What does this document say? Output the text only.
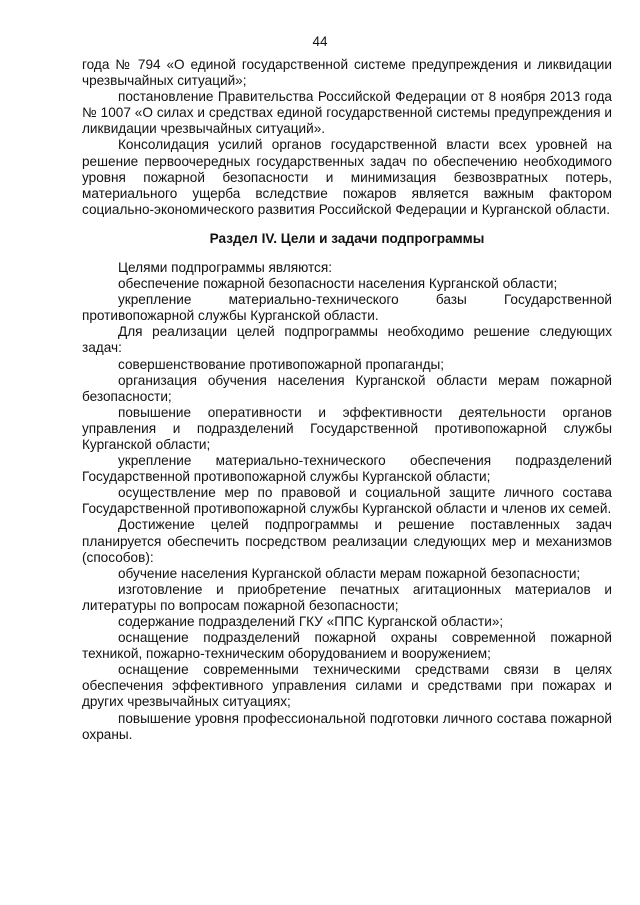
44

года № 794 «О единой государственной системе предупреждения и ликвидации чрезвычайных ситуаций»;

постановление Правительства Российской Федерации от 8 ноября 2013 года № 1007 «О силах и средствах единой государственной системы предупреждения и ликвидации чрезвычайных ситуаций».

Консолидация усилий органов государственной власти всех уровней на решение первоочередных государственных задач по обеспечению необходимого уровня пожарной безопасности и минимизация безвозвратных потерь, материального ущерба вследствие пожаров является важным фактором социально-экономического развития Российской Федерации и Курганской области.

Раздел IV. Цели и задачи подпрограммы

Целями подпрограммы являются:

обеспечение пожарной безопасности населения Курганской области;

укрепление материально-технического базы Государственной противопожарной службы Курганской области.

Для реализации целей подпрограммы необходимо решение следующих задач:

совершенствование противопожарной пропаганды;

организация обучения населения Курганской области мерам пожарной безопасности;

повышение оперативности и эффективности деятельности органов управления и подразделений Государственной противопожарной службы Курганской области;

укрепление материально-технического обеспечения подразделений Государственной противопожарной службы Курганской области;

осуществление мер по правовой и социальной защите личного состава Государственной противопожарной службы Курганской области и членов их семей.

Достижение целей подпрограммы и решение поставленных задач планируется обеспечить посредством реализации следующих мер и механизмов (способов):

обучение населения Курганской области мерам пожарной безопасности;

изготовление и приобретение печатных агитационных материалов и литературы по вопросам пожарной безопасности;

содержание подразделений ГКУ «ППС Курганской области»;

оснащение подразделений пожарной охраны современной пожарной техникой, пожарно-техническим оборудованием и вооружением;

оснащение современными техническими средствами связи в целях обеспечения эффективного управления силами и средствами при пожарах и других чрезвычайных ситуациях;

повышение уровня профессиональной подготовки личного состава пожарной охраны.
